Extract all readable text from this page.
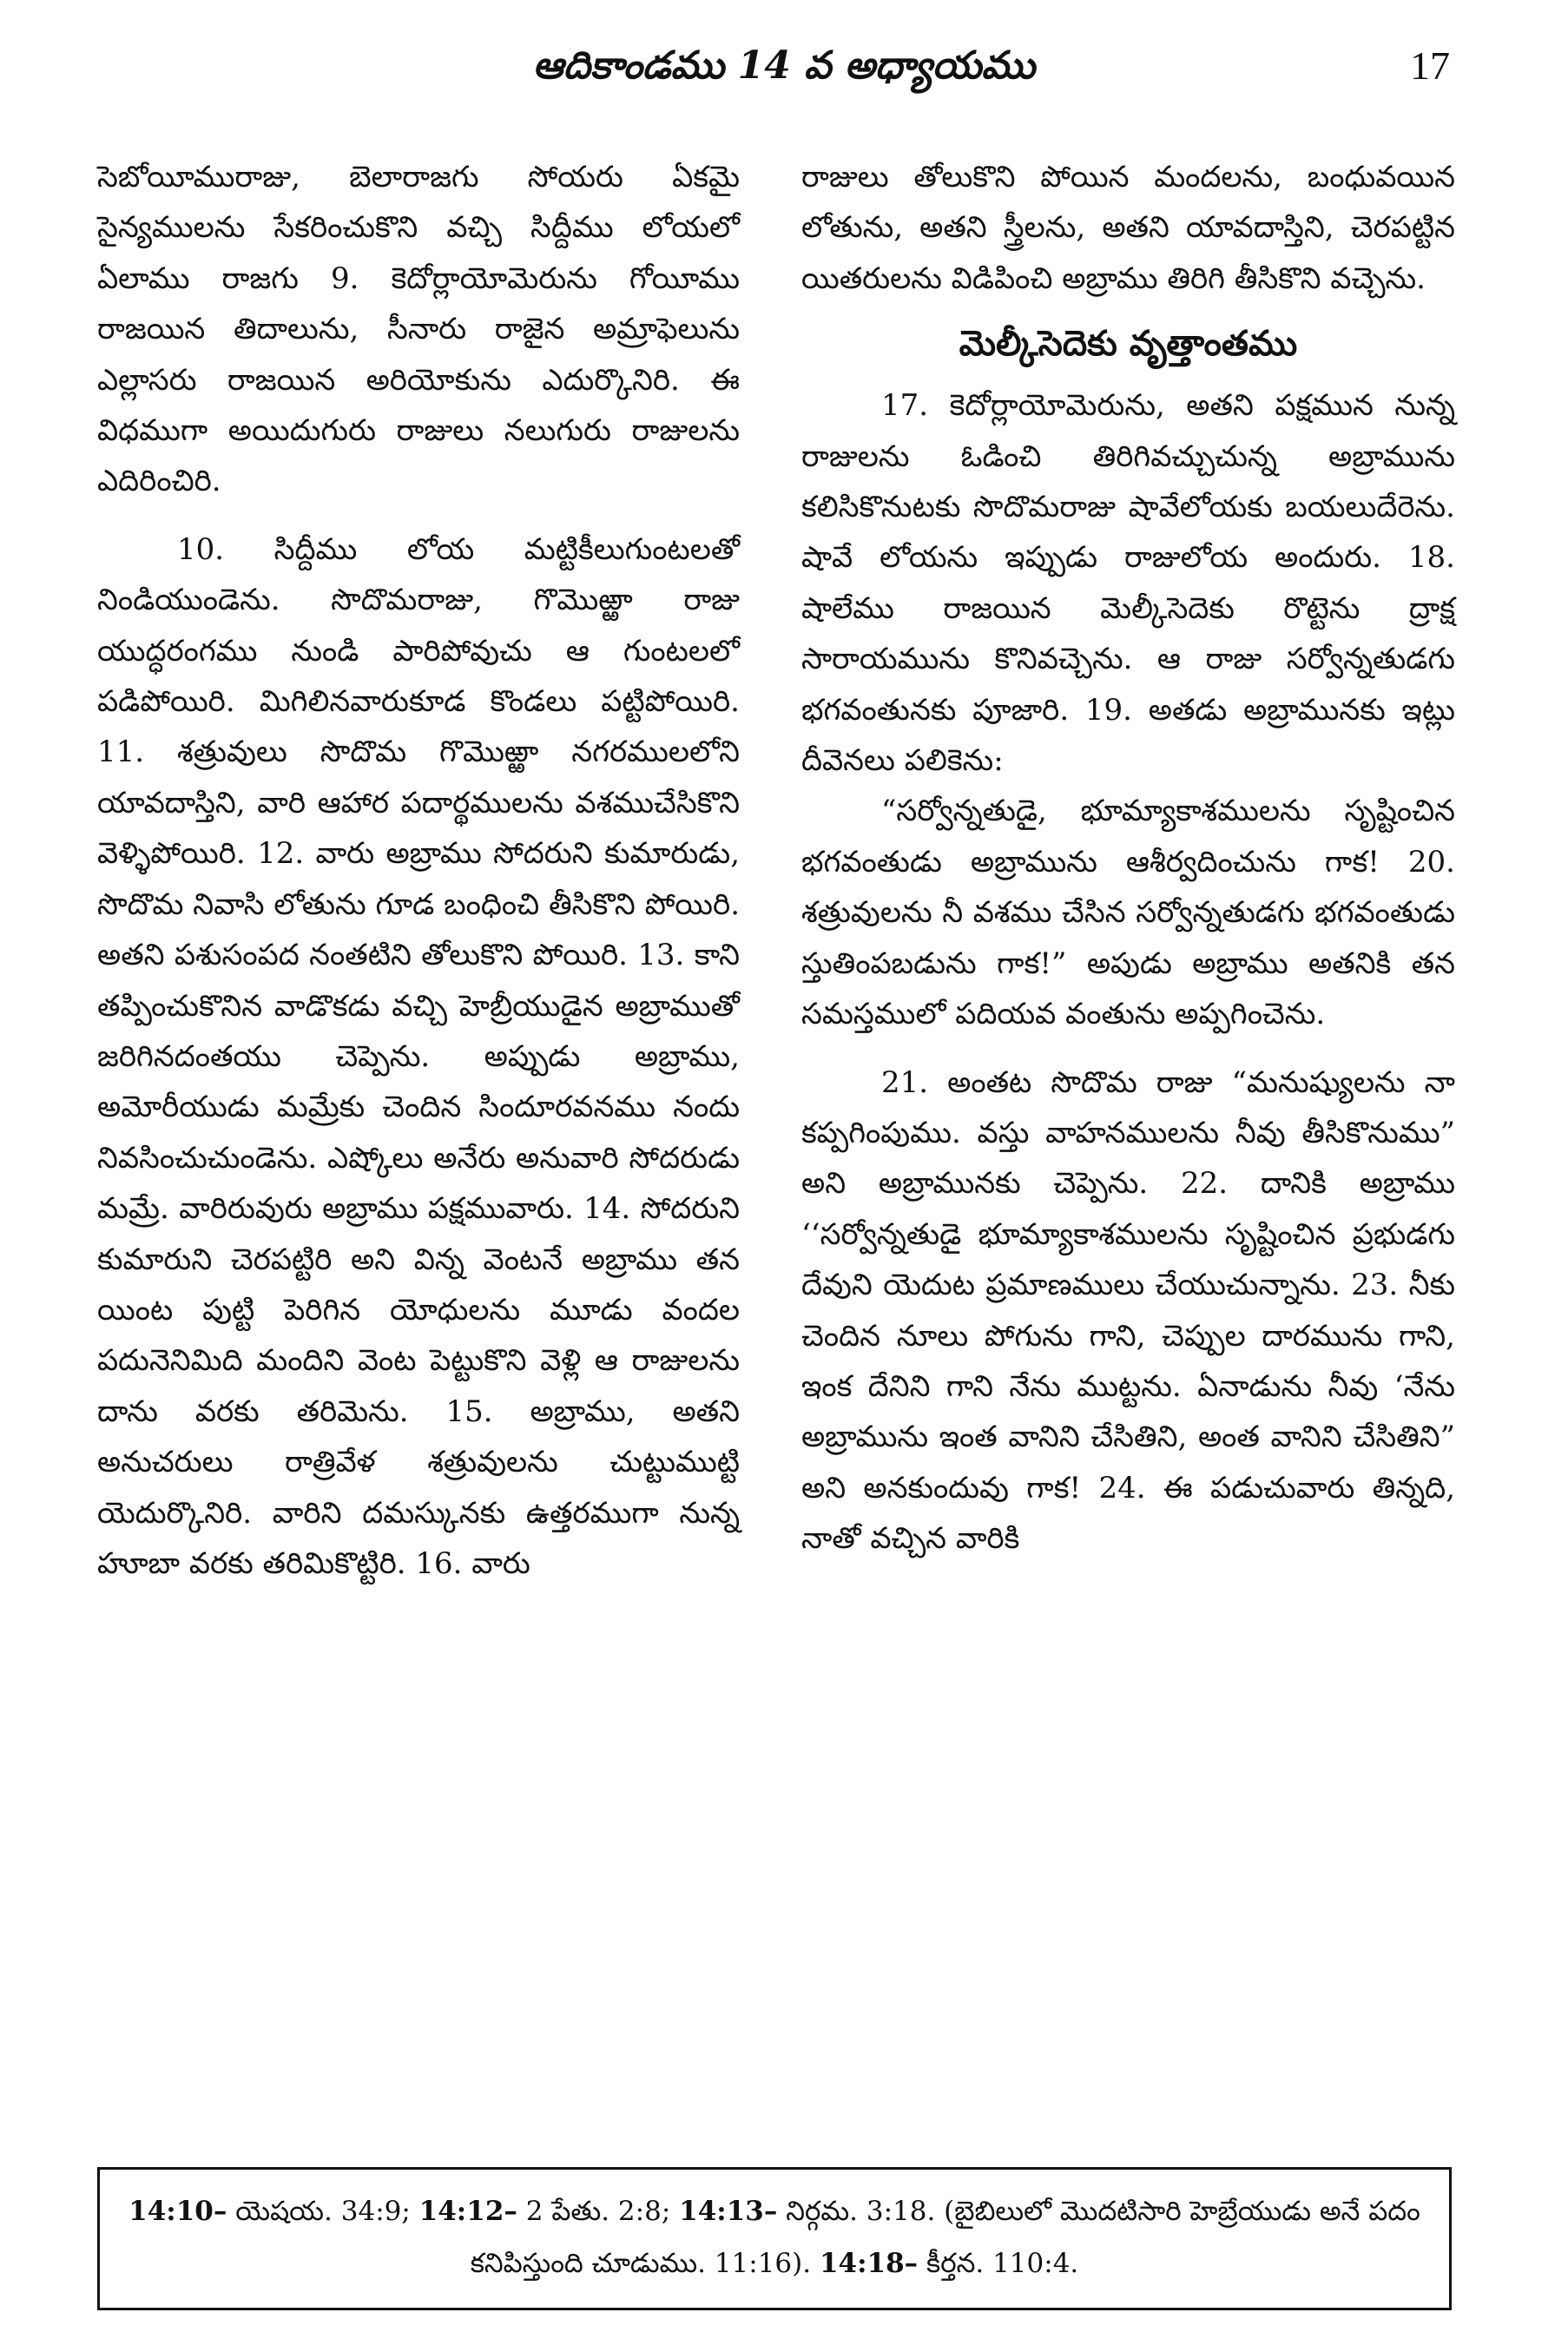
ఆదికాండము 14 వ అధ్యాయము	17

సెబోయీమురాజు, బెలారాజగు సోయరు ఏకమై సైన్యములను సేకరించుకొని వచ్చి సిద్దీము లోయలో ఏలాము రాజగు 9. కెదోర్లాయోమెరును గోయీము రాజయిన తిదాలును, సీనారు రాజైన అమ్రాఫెలును ఎల్లాసరు రాజయిన అరియోకును ఎదుర్కొనిరి. ఈ విధముగా అయిదుగురు రాజులు నలుగురు రాజులను ఎదిరించిరి.

10. సిద్దీము లోయ మట్టికీలుగుంటలతో నిండియుండెను. సొదొమరాజు, గొమొఱ్ఱా రాజు యుద్ధరంగము నుండి పారిపోవుచు ఆ గుంటలలో పడిపోయిరి. మిగిలినవారుకూడ కొండలు పట్టిపోయిరి. 11. శత్రువులు సొదొమ గొమొఱ్ఱా నగరములలోని యావదాస్తిని, వారి ఆహార పదార్థములను వశముచేసికొని వెళ్ళిపోయిరి. 12. వారు అబ్రాము సోదరుని కుమారుడు, సొదొమ నివాసి లోతును గూడ బంధించి తీసికొని పోయిరి. అతని పశుసంపద నంతటిని తోలుకొని పోయిరి. 13. కాని తప్పించుకొనిన వాడొకడు వచ్చి హెబ్రీయుడైన అబ్రాముతో జరిగినదంతయు చెప్పెను. అప్పుడు అబ్రాము, అమోరీయుడు మమ్రేకు చెందిన సిందూరవనము నందు నివసించుచుండెను. ఎష్కోలు అనేరు అనువారి సోదరుడు మమ్రే. వారిరువురు అబ్రాము పక్షమువారు. 14. సోదరుని కుమారుని చెరపట్టిరి అని విన్న వెంటనే అబ్రాము తన యింట పుట్టి పెరిగిన యోధులను మూడు వందల పదునెనిమిది మందిని వెంట పెట్టుకొని వెళ్లి ఆ రాజులను దాను వరకు తరిమెను. 15. అబ్రాము, అతని అనుచరులు రాత్రివేళ శత్రువులను చుట్టుముట్టి యెదుర్కొనిరి. వారిని దమస్కునకు ఉత్తరముగా నున్న హూబా వరకు తరిమికొట్టిరి. 16. వారు

రాజులు తోలుకొని పోయిన మందలను, బంధువయిన లోతును, అతని స్త్రీలను, అతని యావదాస్తిని, చెరపట్టిన యితరులను విడిపించి అబ్రాము తిరిగి తీసికొని వచ్చెను.

మెల్కీసెదెకు వృత్తాంతము

17. కెదోర్లాయోమెరును, అతని పక్షమున నున్న రాజులను ఓడించి తిరిగివచ్చుచున్న అబ్రామును కలిసికొనుటకు సొదొమరాజు షావేలోయకు బయలుదేరెను. షావే లోయను ఇప్పుడు రాజులోయ అందురు. 18. షాలేము రాజయిన మెల్కీసెదెకు రొట్టెను ద్రాక్ష సారాయమును కొనివచ్చెను. ఆ రాజు సర్వోన్నతుడగు భగవంతునకు పూజారి. 19. అతడు అబ్రామునకు ఇట్లు దీవెనలు పలికెను:

“సర్వోన్నతుడై, భూమ్యాకాశములను సృష్టించిన భగవంతుడు అబ్రామును ఆశీర్వదించును గాక! 20. శత్రువులను నీ వశము చేసిన సర్వోన్నతుడగు భగవంతుడు స్తుతింపబడును గాక!” అపుడు అబ్రాము అతనికి తన సమస్తములో పదియవ వంతును అప్పగించెను.

21. అంతట సొదొమ రాజు “మనుష్యులను నా కప్పగింపుము. వస్తు వాహనములను నీవు తీసికొనుము” అని అబ్రామునకు చెప్పెను. 22. దానికి అబ్రాము ‘‘సర్వోన్నతుడై భూమ్యాకాశములను సృష్టించిన ప్రభుడగు దేవుని యెదుట ప్రమాణములు చేయుచున్నాను. 23. నీకు చెందిన నూలు పోగును గాని, చెప్పుల దారమును గాని, ఇంక దేనిని గాని నేను ముట్టను. ఏనాడును నీవు ‘నేను అబ్రామును ఇంత వానిని చేసితిని, అంత వానిని చేసితిని” అని అనకుందువు గాక! 24. ఈ పడుచువారు తిన్నది, నాతో వచ్చిన వారికి

14:10– యెషయ. 34:9; 14:12– 2 పేతు. 2:8; 14:13– నిర్గమ. 3:18. (బైబిలులో మొదటిసారి హెబ్రేయుడు అనే పదం కనిపిస్తుంది చూడుము. 11:16). 14:18– కీర్తన. 110:4.
